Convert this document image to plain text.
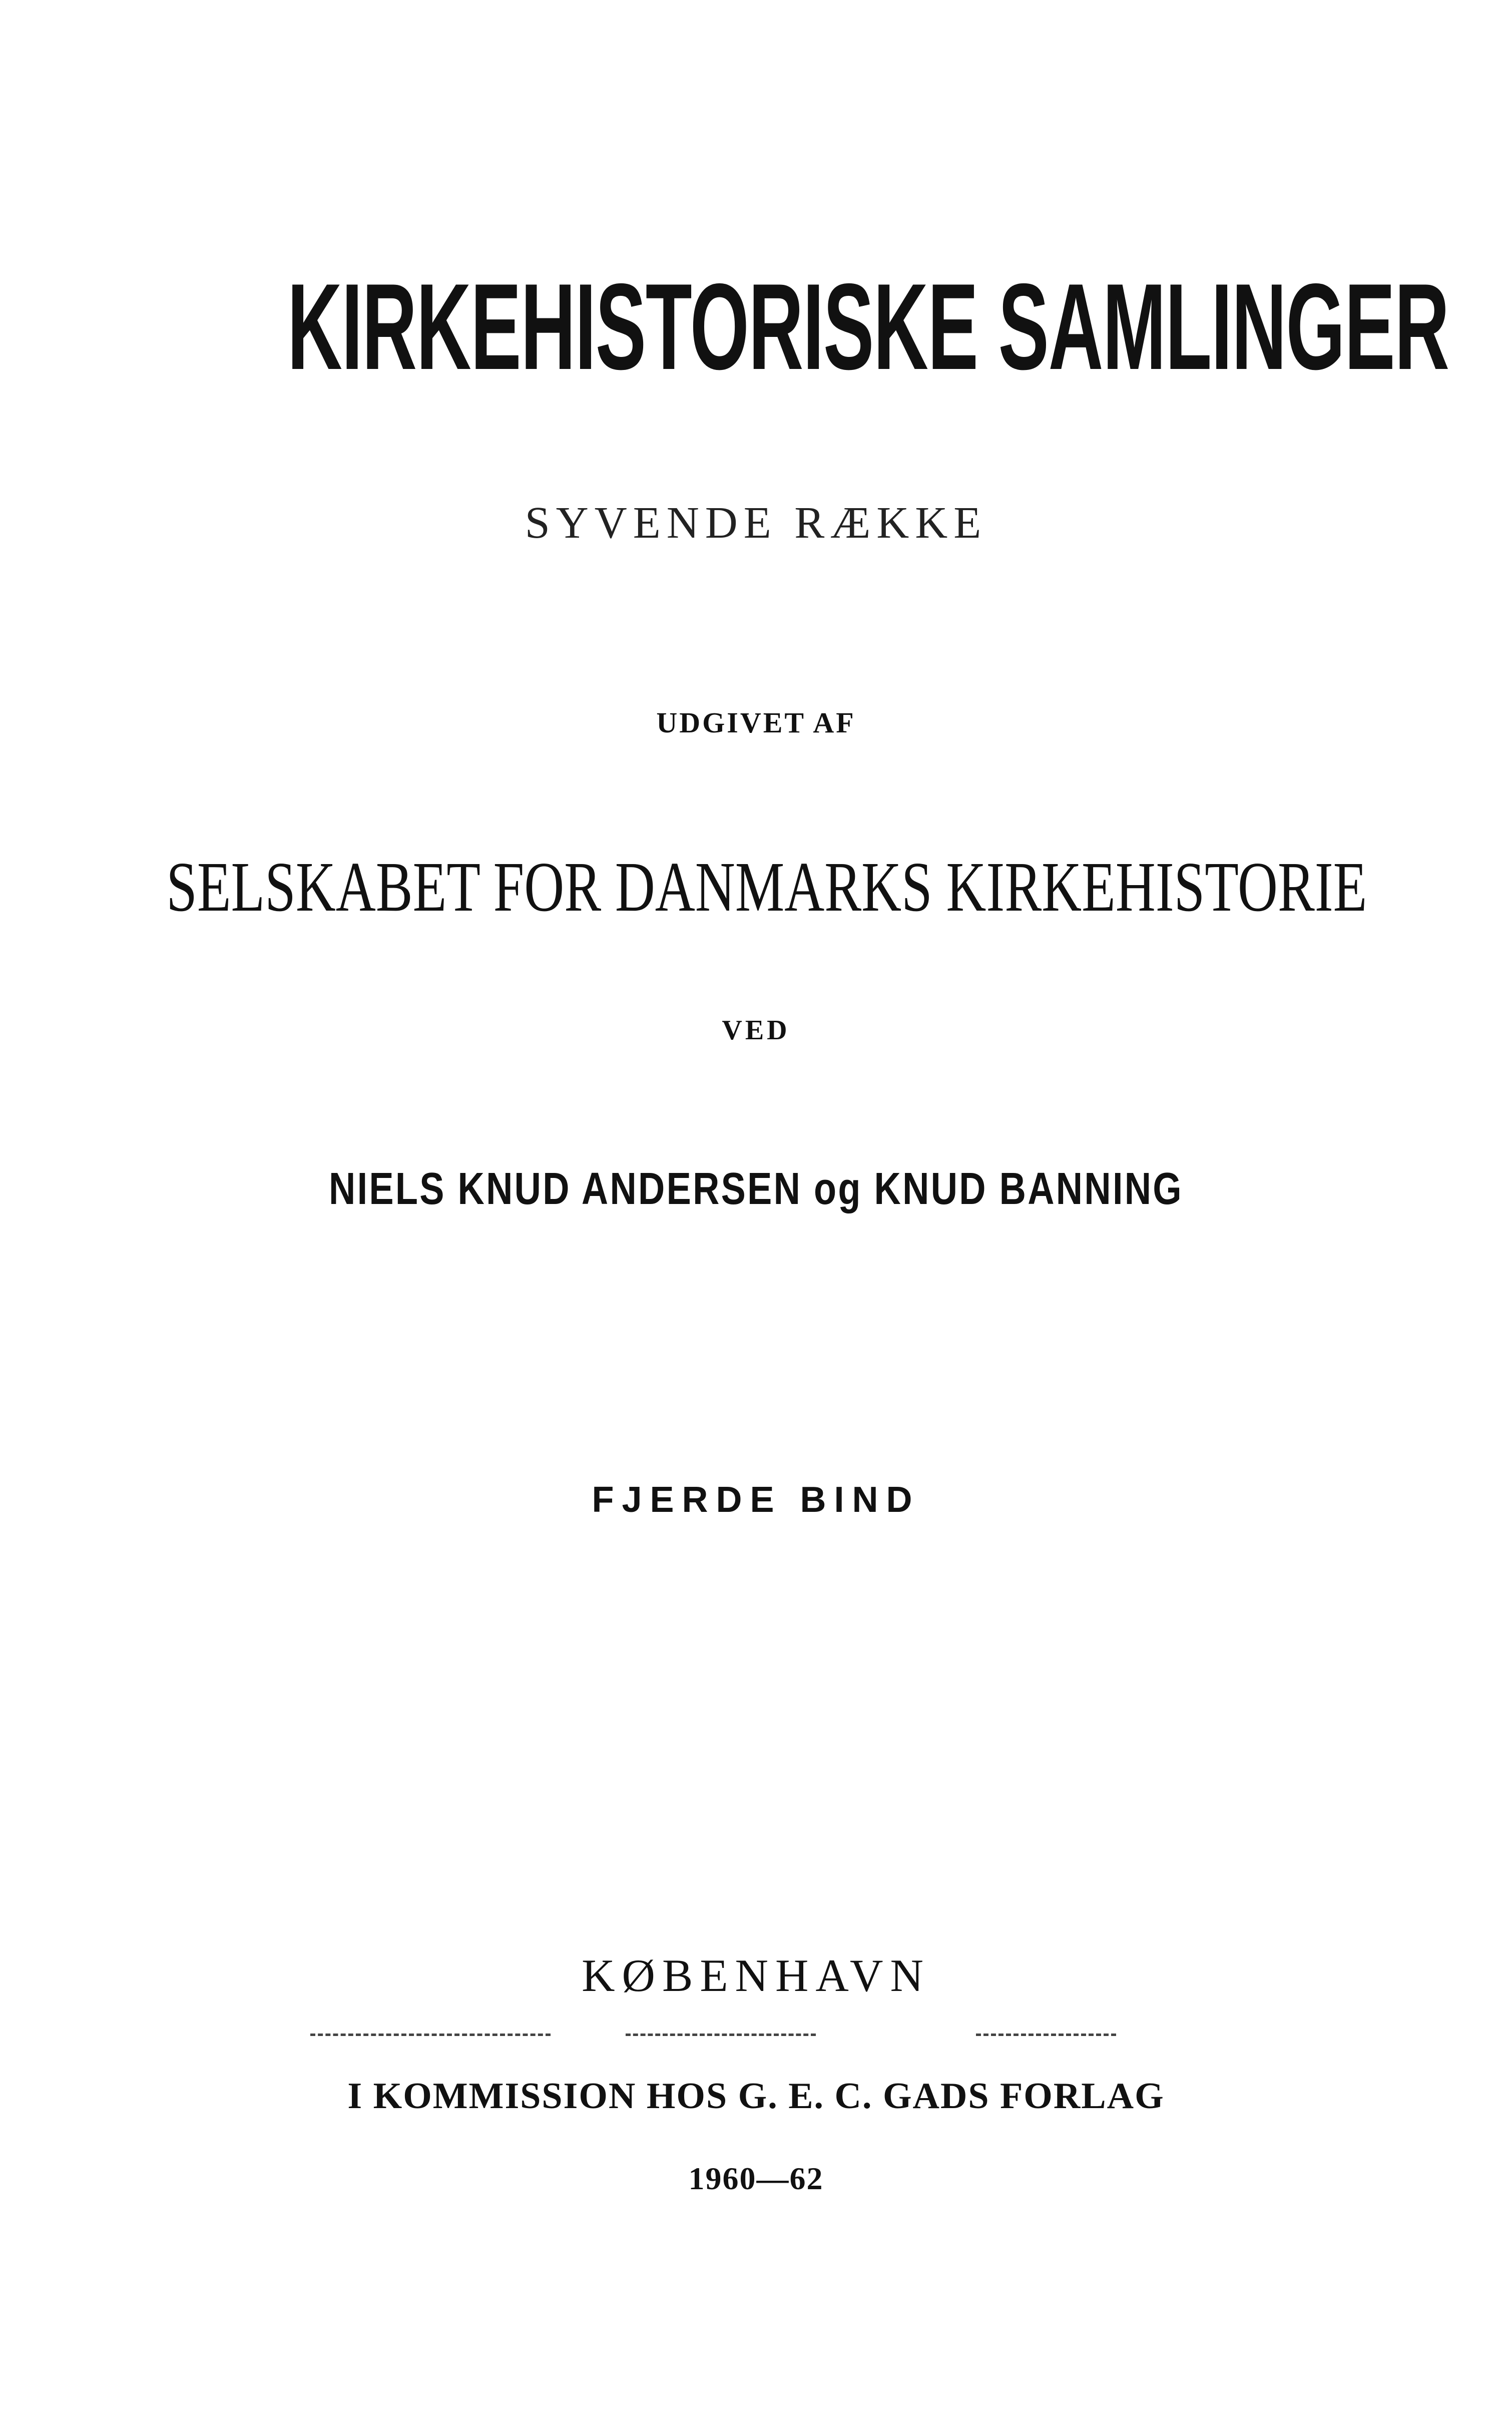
KIRKEHISTORISKE SAMLINGER
SYVENDE RÆKKE
UDGIVET AF
SELSKABET FOR DANMARKS KIRKEHISTORIE
VED
NIELS KNUD ANDERSEN og KNUD BANNING
FJERDE BIND
KØBENHAVN
I KOMMISSION HOS G. E. C. GADS FORLAG
1960—62
